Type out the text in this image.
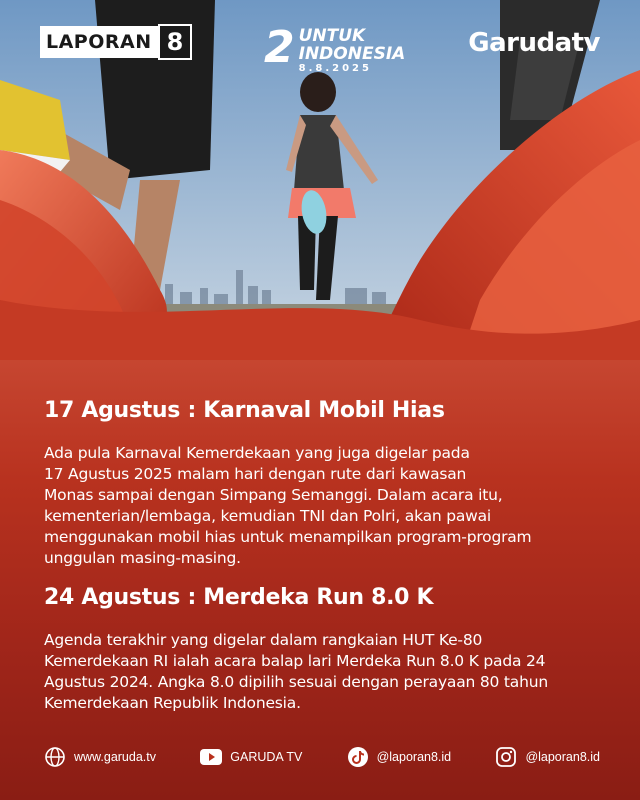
LAPORAN 8 2 UNTUK
INDONESIA
8.8.2025
Garudatv
17 Agustus : Karnaval Mobil Hias

Ada pula Karnaval Kemerdekaan yang juga digelar pada

17 Agustus 2025 malam hari dengan rute dari kawasan

Monas sampai dengan Simpang Semanggi. Dalam acara itu,

kementerian/lembaga, kemudian TNI dan Polri, akan pawai

menggunakan mobil hias untuk menampilkan program-program

unggulan masing-masing.

24 Agustus : Merdeka Run 8.0 K

Agenda terakhir yang digelar dalam rangkaian HUT Ke-80

Kemerdekaan RI ialah acara balap lari Merdeka Run 8.0 K pada 24

Agustus 2024. Angka 8.0 dipilih sesuai dengan perayaan 80 tahun

Kemerdekaan Republik Indonesia.

www.garuda.tv	GARUDA TV	@laporan8.id	@laporan8.id
